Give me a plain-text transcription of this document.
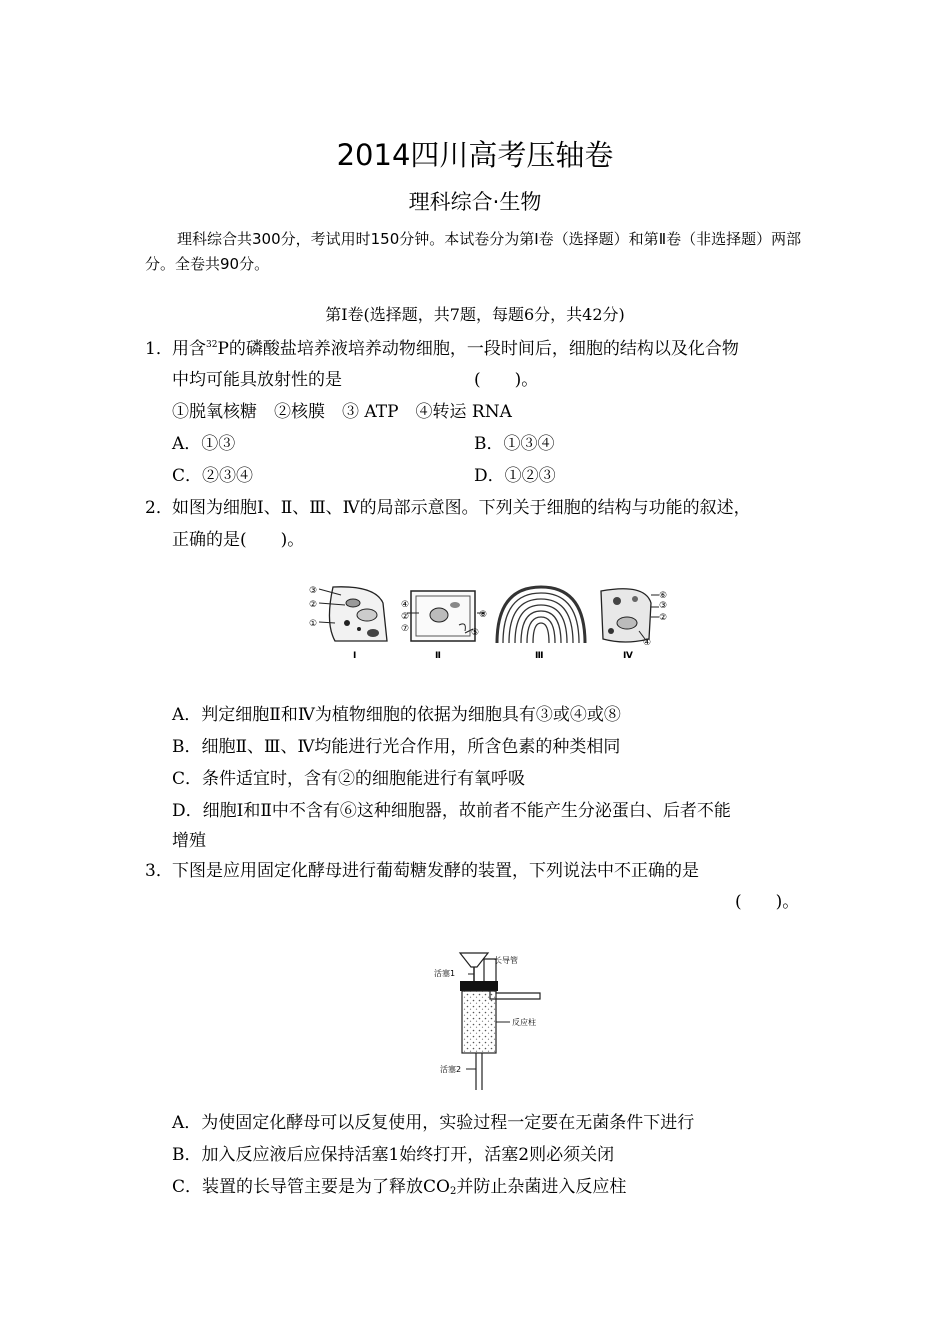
2014四川高考压轴卷
理科综合·生物
理科综合共300分，考试用时150分钟。本试卷分为第Ⅰ卷（选择题）和第Ⅱ卷（非选择题）两部分。全卷共90分。
第Ⅰ卷(选择题，共7题，每题6分，共42分)
1． 用含$^{32}$P的磷酸盐培养液培养动物细胞，一段时间后，细胞的结构以及化合物
中均可能具放射性的是	(　　)。
①脱氧核糖　②核膜　③ ATP　④转运 RNA
A．①③	B．①③④
C．②③④	D．①②③
2． 如图为细胞Ⅰ、Ⅱ、Ⅲ、Ⅳ的局部示意图。下列关于细胞的结构与功能的叙述，
正确的是(　　)。
③
②
①
④
②
⑦	⑤
⑧
⑥
③
②
④
Ⅰ	Ⅱ	Ⅲ	Ⅳ
A．判定细胞Ⅱ和Ⅳ为植物细胞的依据为细胞具有③或④或⑧
B．细胞Ⅱ、Ⅲ、Ⅳ均能进行光合作用，所含色素的种类相同
C．条件适宜时，含有②的细胞能进行有氧呼吸
D．细胞Ⅰ和Ⅱ中不含有⑥这种细胞器，故前者不能产生分泌蛋白、后者不能
增殖
3． 下图是应用固定化酵母进行葡萄糖发酵的装置，下列说法中不正确的是
(　　)。
长导管
活塞1
反应柱
活塞2
A．为使固定化酵母可以反复使用，实验过程一定要在无菌条件下进行
B．加入反应液后应保持活塞1始终打开，活塞2则必须关闭
C．装置的长导管主要是为了释放$CO_2$并防止杂菌进入反应柱
